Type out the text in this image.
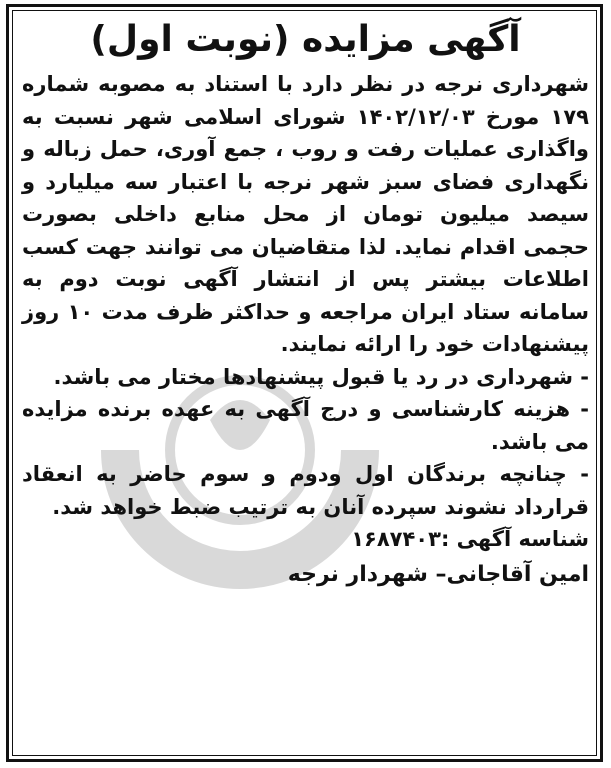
آگهی مزایده (نوبت اول)

شهرداری نرجه در نظر دارد با استناد به مصوبه شماره ۱۷۹ مورخ ۱۴۰۲/۱۲/۰۳ شورای اسلامی شهر نسبت به واگذاری عملیات رفت و روب ، جمع آوری، حمل زباله و نگهداری فضای سبز شهر نرجه با اعتبار سه میلیارد و سیصد میلیون تومان از محل منابع داخلی بصورت حجمی اقدام نماید. لذا متقاضیان می توانند جهت کسب اطلاعات بیشتر پس از انتشار آگهی نوبت دوم به سامانه ستاد ایران مراجعه و حداکثر ظرف مدت ۱۰ روز پیشنهادات خود را ارائه نمایند.

- شهرداری در رد یا قبول پیشنهادها مختار می باشد.

- هزینه کارشناسی و درج آگهی به عهده برنده مزایده می باشد.

- چنانچه برندگان اول ودوم و سوم حاضر به انعقاد قرارداد نشوند سپرده آنان به ترتیب ضبط خواهد شد.

شناسه آگهی :۱۶۸۷۴۰۳

امین آقاجانی– شهردار نرجه
